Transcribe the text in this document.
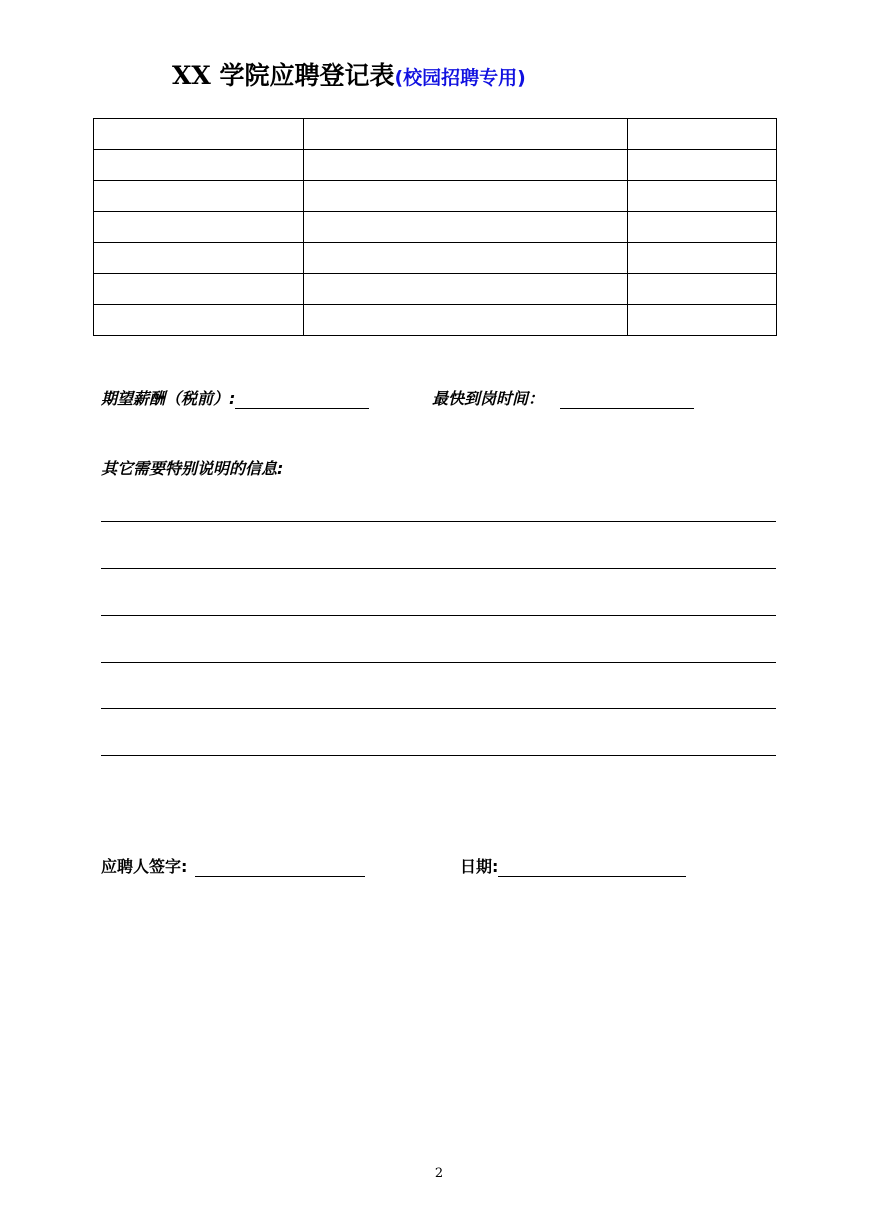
XX 学院应聘登记表(校园招聘专用)

期望薪酬（税前）:	最快到岗时间：
其它需要特别说明的信息:
应聘人签字:	日期:
2
